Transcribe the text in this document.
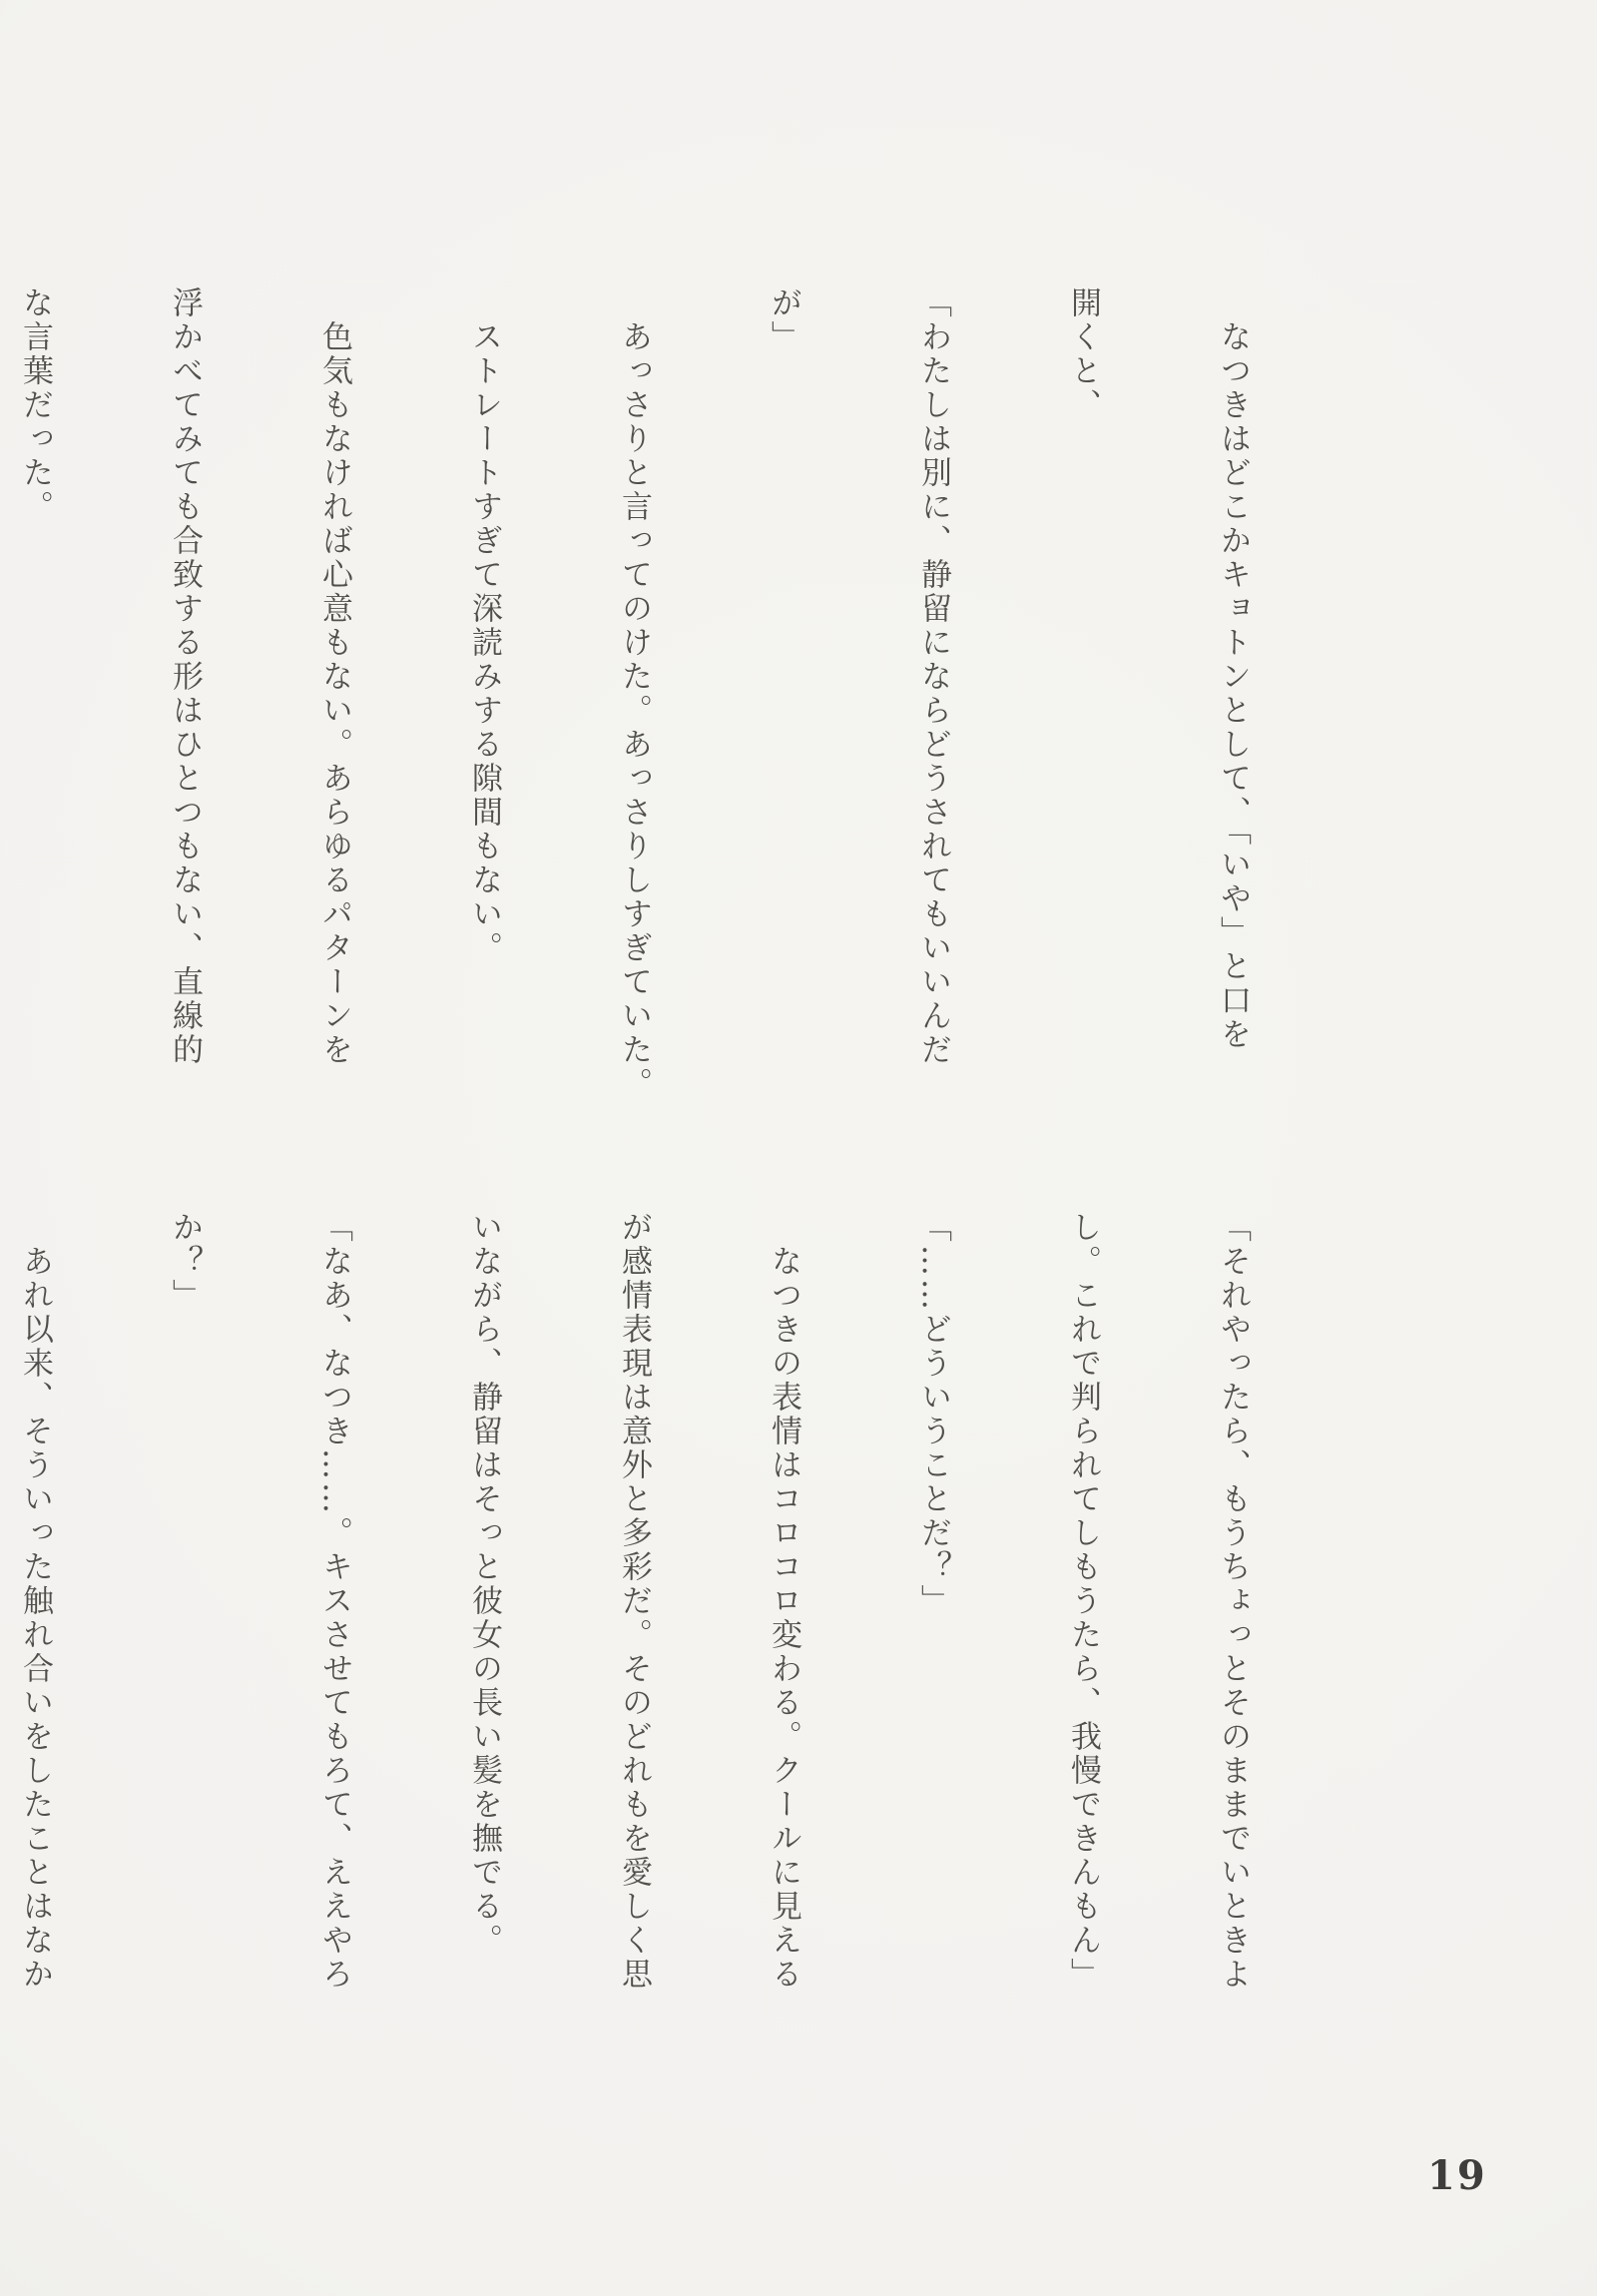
　なつきはどこかキョトンとして、「いや」と口を

開くと、

「わたしは別に、静留にならどうされてもいいんだ

が」

　あっさりと言ってのけた。あっさりしすぎていた。

　ストレートすぎて深読みする隙間もない。

　色気もなければ心意もない。あらゆるパターンを

浮かべてみても合致する形はひとつもない、直線的

な言葉だった。

「それやったら、もうちょっとそのままでいときよ

し。これで判られてしもうたら、我慢できんもん」

「……どういうことだ？」

　なつきの表情はコロコロ変わる。クールに見える

が感情表現は意外と多彩だ。そのどれもを愛しく思

いながら、静留はそっと彼女の長い髪を撫でる。

「なあ、なつき……。キスさせてもろて、ええやろ

か？」

　あれ以来、そういった触れ合いをしたことはなか

19
